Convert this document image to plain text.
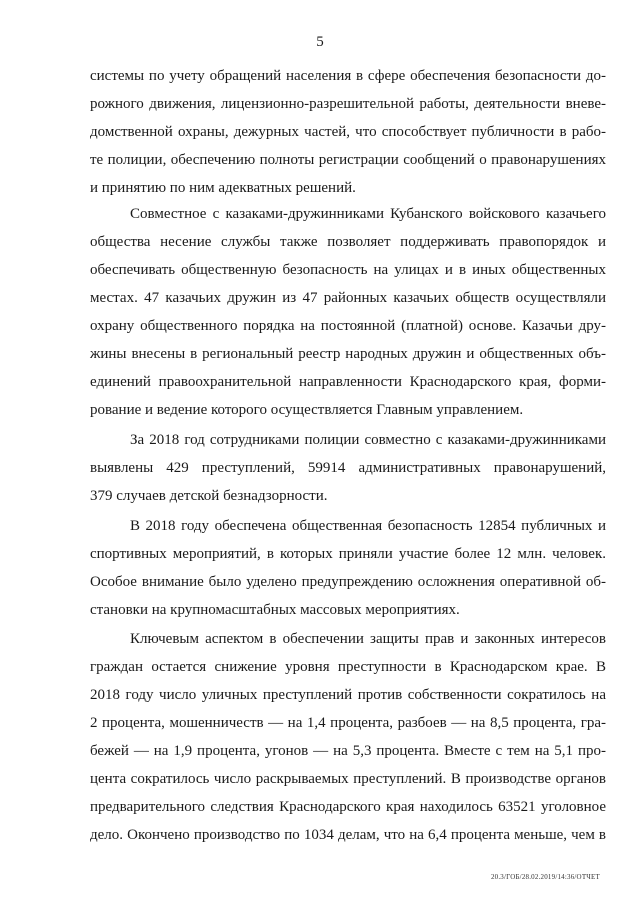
5
системы по учету обращений населения в сфере обеспечения безопасности до-
рожного движения, лицензионно-разрешительной работы, деятельности вневе-
домственной охраны, дежурных частей, что способствует публичности в рабо-
те полиции, обеспечению полноты регистрации сообщений о правонарушениях
и принятию по ним адекватных решений.
Совместное с казаками-дружинниками Кубанского войскового казачьего
общества несение службы также позволяет поддерживать правопорядок и
обеспечивать общественную безопасность на улицах и в иных общественных
местах. 47 казачьих дружин из 47 районных казачьих обществ осуществляли
охрану общественного порядка на постоянной (платной) основе. Казачьи дру-
жины внесены в региональный реестр народных дружин и общественных объ-
единений правоохранительной направленности Краснодарского края, форми-
рование и ведение которого осуществляется Главным управлением.
За 2018 год сотрудниками полиции совместно с казаками-дружинниками
выявлены 429 преступлений, 59914 административных правонарушений,
379 случаев детской безнадзорности.
В 2018 году обеспечена общественная безопасность 12854 публичных и
спортивных мероприятий, в которых приняли участие более 12 млн. человек.
Особое внимание было уделено предупреждению осложнения оперативной об-
становки на крупномасштабных массовых мероприятиях.
Ключевым аспектом в обеспечении защиты прав и законных интересов
граждан остается снижение уровня преступности в Краснодарском крае. В
2018 году число уличных преступлений против собственности сократилось на
2 процента, мошенничеств — на 1,4 процента, разбоев — на 8,5 процента, гра-
бежей — на 1,9 процента, угонов — на 5,3 процента. Вместе с тем на 5,1 про-
цента сократилось число раскрываемых преступлений. В производстве органов
предварительного следствия Краснодарского края находилось 63521 уголовное
дело. Окончено производство по 1034 делам, что на 6,4 процента меньше, чем в
20.3/ГОБ/28.02.2019/14:36/ОТЧЕТ
